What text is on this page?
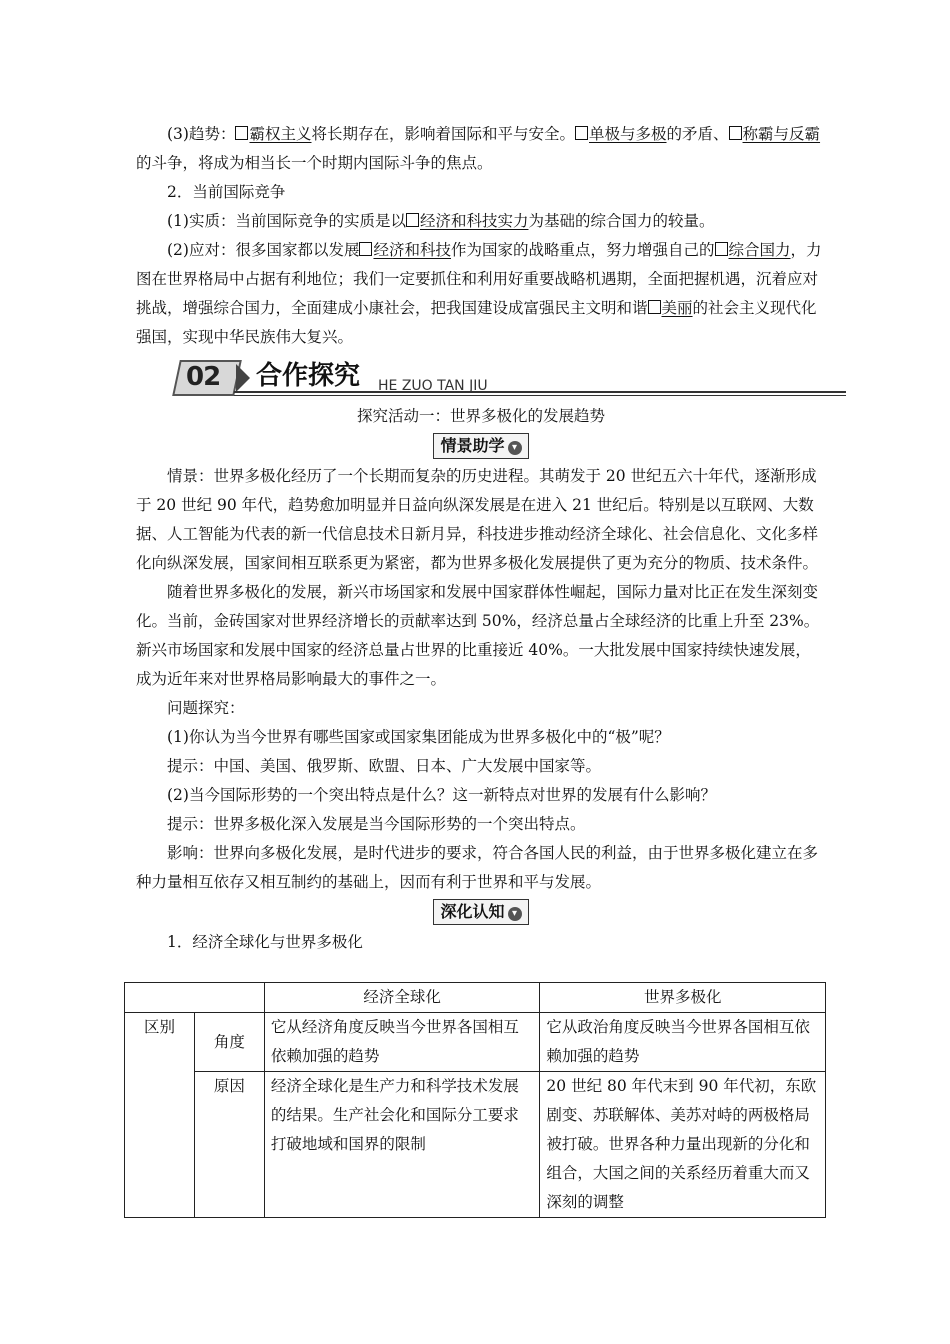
(3)趋势： 霸权主义将长期存在，影响着国际和平与安全。 单极与多极的矛盾、 称霸与反霸的斗争，将成为相当长一个时期内国际斗争的焦点。

2．当前国际竞争

(1)实质：当前国际竞争的实质是以 经济和科技实力为基础的综合国力的较量。

(2)应对：很多国家都以发展 经济和科技作为国家的战略重点，努力增强自己的 综合国力，力图在世界格局中占据有利地位；我们一定要抓住和利用好重要战略机遇期，全面把握机遇，沉着应对挑战，增强综合国力，全面建成小康社会，把我国建设成富强民主文明和谐 美丽的社会主义现代化强国，实现中华民族伟大复兴。

02 合作探究 HE ZUO TAN JIU

探究活动一：世界多极化的发展趋势

情景助学 ▾

情景：世界多极化经历了一个长期而复杂的历史进程。其萌发于 20 世纪五六十年代，逐渐形成于 20 世纪 90 年代，趋势愈加明显并日益向纵深发展是在进入 21 世纪后。特别是以互联网、大数据、人工智能为代表的新一代信息技术日新月异，科技进步推动经济全球化、社会信息化、文化多样化向纵深发展，国家间相互联系更为紧密，都为世界多极化发展提供了更为充分的物质、技术条件。

随着世界多极化的发展，新兴市场国家和发展中国家群体性崛起，国际力量对比正在发生深刻变化。当前，金砖国家对世界经济增长的贡献率达到 50%，经济总量占全球经济的比重上升至 23%。新兴市场国家和发展中国家的经济总量占世界的比重接近 40%。一大批发展中国家持续快速发展，成为近年来对世界格局影响最大的事件之一。

问题探究：

(1)你认为当今世界有哪些国家或国家集团能成为世界多极化中的“极”呢？

提示：中国、美国、俄罗斯、欧盟、日本、广大发展中国家等。

(2)当今国际形势的一个突出特点是什么？这一新特点对世界的发展有什么影响？

提示：世界多极化深入发展是当今国际形势的一个突出特点。

影响：世界向多极化发展，是时代进步的要求，符合各国人民的利益，由于世界多极化建立在多种力量相互依存又相互制约的基础上，因而有利于世界和平与发展。

深化认知 ▾

1．经济全球化与世界多极化

		经济全球化	世界多极化
区别	角度	它从经济角度反映当今世界各国相互依赖加强的趋势	它从政治角度反映当今世界各国相互依赖加强的趋势
	原因	经济全球化是生产力和科学技术发展的结果。生产社会化和国际分工要求打破地域和国界的限制	20 世纪 80 年代末到 90 年代初，东欧剧变、苏联解体、美苏对峙的两极格局被打破。世界各种力量出现新的分化和组合，大国之间的关系经历着重大而又深刻的调整
